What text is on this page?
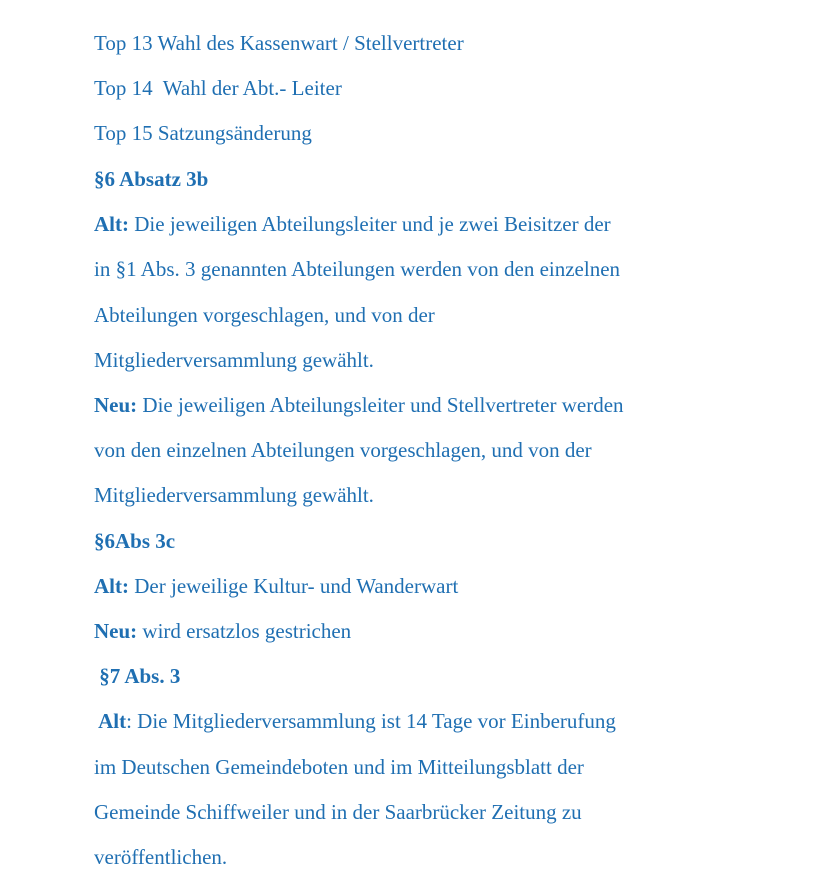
Top 13 Wahl des Kassenwart / Stellvertreter
Top 14  Wahl der Abt.- Leiter
Top 15 Satzungsänderung
§6 Absatz 3b
Alt: Die jeweiligen Abteilungsleiter und je zwei Beisitzer der
in §1 Abs. 3 genannten Abteilungen werden von den einzelnen
Abteilungen vorgeschlagen, und von der
Mitgliederversammlung gewählt.
Neu: Die jeweiligen Abteilungsleiter und Stellvertreter werden
von den einzelnen Abteilungen vorgeschlagen, und von der
Mitgliederversammlung gewählt.
§6Abs 3c
Alt: Der jeweilige Kultur- und Wanderwart
Neu: wird ersatzlos gestrichen
§7 Abs. 3
Alt: Die Mitgliederversammlung ist 14 Tage vor Einberufung
im Deutschen Gemeindeboten und im Mitteilungsblatt der
Gemeinde Schiffweiler und in der Saarbrücker Zeitung zu
veröffentlichen.
